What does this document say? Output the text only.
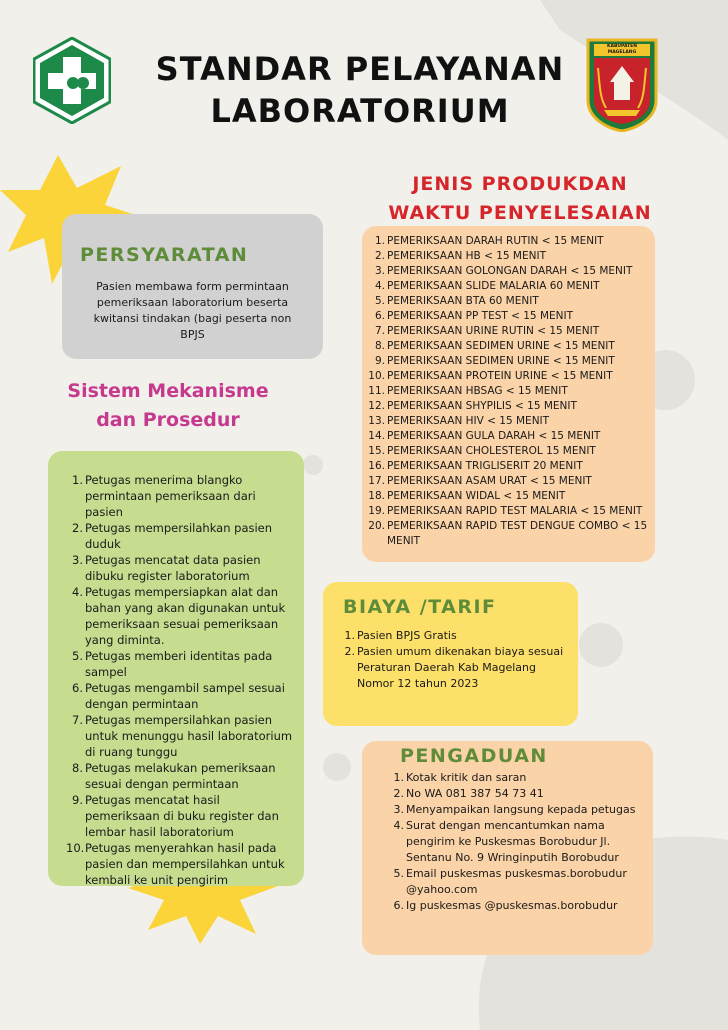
STANDAR PELAYANAN
LABORATORIUM
KABUPATEN MAGELANG
JENIS PRODUKDAN
WAKTU PENYELESAIAN
PERSYARATAN
Pasien membawa form permintaan pemeriksaan laboratorium beserta kwitansi tindakan (bagi peserta non BPJS
Sistem Mekanisme
dan Prosedur
1. Petugas menerima blangko permintaan pemeriksaan dari pasien
2. Petugas mempersilahkan pasien duduk
3. Petugas mencatat data pasien dibuku register laboratorium
4. Petugas mempersiapkan alat dan bahan yang akan digunakan untuk pemeriksaan sesuai pemeriksaan yang diminta.
5. Petugas memberi identitas pada sampel
6. Petugas mengambil sampel sesuai dengan permintaan
7. Petugas mempersilahkan pasien untuk menunggu hasil laboratorium di ruang tunggu
8. Petugas melakukan pemeriksaan sesuai dengan permintaan
9. Petugas mencatat hasil pemeriksaan di buku register dan lembar hasil laboratorium
10. Petugas menyerahkan hasil pada pasien dan mempersilahkan untuk kembali ke unit pengirim
1. PEMERIKSAAN DARAH RUTIN < 15 MENIT
2. PEMERIKSAAN HB < 15 MENIT
3. PEMERIKSAAN GOLONGAN DARAH < 15 MENIT
4. PEMERIKSAAN SLIDE MALARIA 60 MENIT
5. PEMERIKSAAN BTA 60 MENIT
6. PEMERIKSAAN PP TEST < 15 MENIT
7. PEMERIKSAAN URINE RUTIN < 15 MENIT
8. PEMERIKSAAN SEDIMEN URINE < 15 MENIT
9. PEMERIKSAAN SEDIMEN URINE < 15 MENIT
10. PEMERIKSAAN PROTEIN URINE < 15 MENIT
11. PEMERIKSAAN HBSAG < 15 MENIT
12. PEMERIKSAAN SHYPILIS < 15 MENIT
13. PEMERIKSAAN HIV < 15 MENIT
14. PEMERIKSAAN GULA DARAH < 15 MENIT
15. PEMERIKSAAN CHOLESTEROL 15 MENIT
16. PEMERIKSAAN TRIGLISERIT 20 MENIT
17. PEMERIKSAAN ASAM URAT < 15 MENIT
18. PEMERIKSAAN WIDAL < 15 MENIT
19. PEMERIKSAAN RAPID TEST MALARIA < 15 MENIT
20. PEMERIKSAAN RAPID TEST DENGUE COMBO < 15 MENIT
BIAYA /TARIF
1. Pasien BPJS Gratis
2. Pasien umum dikenakan biaya sesuai Peraturan Daerah Kab Magelang Nomor 12 tahun 2023
PENGADUAN
1. Kotak kritik dan saran
2. No WA 081 387 54 73 41
3. Menyampaikan langsung kepada petugas
4. Surat dengan mencantumkan nama pengirim ke Puskesmas Borobudur Jl. Sentanu No. 9 Wringinputih Borobudur
5. Email puskesmas puskesmas.borobudur @yahoo.com
6. Ig puskesmas @puskesmas.borobudur
